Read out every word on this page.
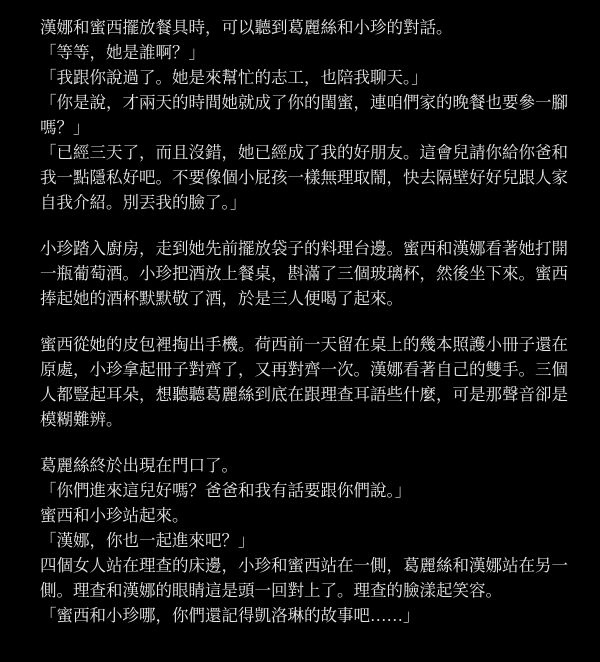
漢娜和蜜西擺放餐具時，可以聽到葛麗絲和小珍的對話。
「等等，她是誰啊？」
「我跟你說過了。她是來幫忙的志工，也陪我聊天。」
「你是說，才兩天的時間她就成了你的閨蜜，連咱們家的晚餐也要參一腳
嗎？」
「已經三天了，而且沒錯，她已經成了我的好朋友。這會兒請你給你爸和
我一點隱私好吧。不要像個小屁孩一樣無理取鬧，快去隔壁好好兒跟人家
自我介紹。別丟我的臉了。」
小珍踏入廚房，走到她先前擺放袋子的料理台邊。蜜西和漢娜看著她打開
一瓶葡萄酒。小珍把酒放上餐桌，斟滿了三個玻璃杯，然後坐下來。蜜西
捧起她的酒杯默默敬了酒，於是三人便喝了起來。
蜜西從她的皮包裡掏出手機。荷西前一天留在桌上的幾本照護小冊子還在
原處，小珍拿起冊子對齊了，又再對齊一次。漢娜看著自己的雙手。三個
人都豎起耳朵，想聽聽葛麗絲到底在跟理查耳語些什麼，可是那聲音卻是
模糊難辨。
葛麗絲終於出現在門口了。
「你們進來這兒好嗎？爸爸和我有話要跟你們說。」
蜜西和小珍站起來。
「漢娜，你也一起進來吧？」
四個女人站在理查的床邊，小珍和蜜西站在一側，葛麗絲和漢娜站在另一
側。理查和漢娜的眼睛這是頭一回對上了。理查的臉漾起笑容。
「蜜西和小珍哪，你們還記得凱洛琳的故事吧……」
